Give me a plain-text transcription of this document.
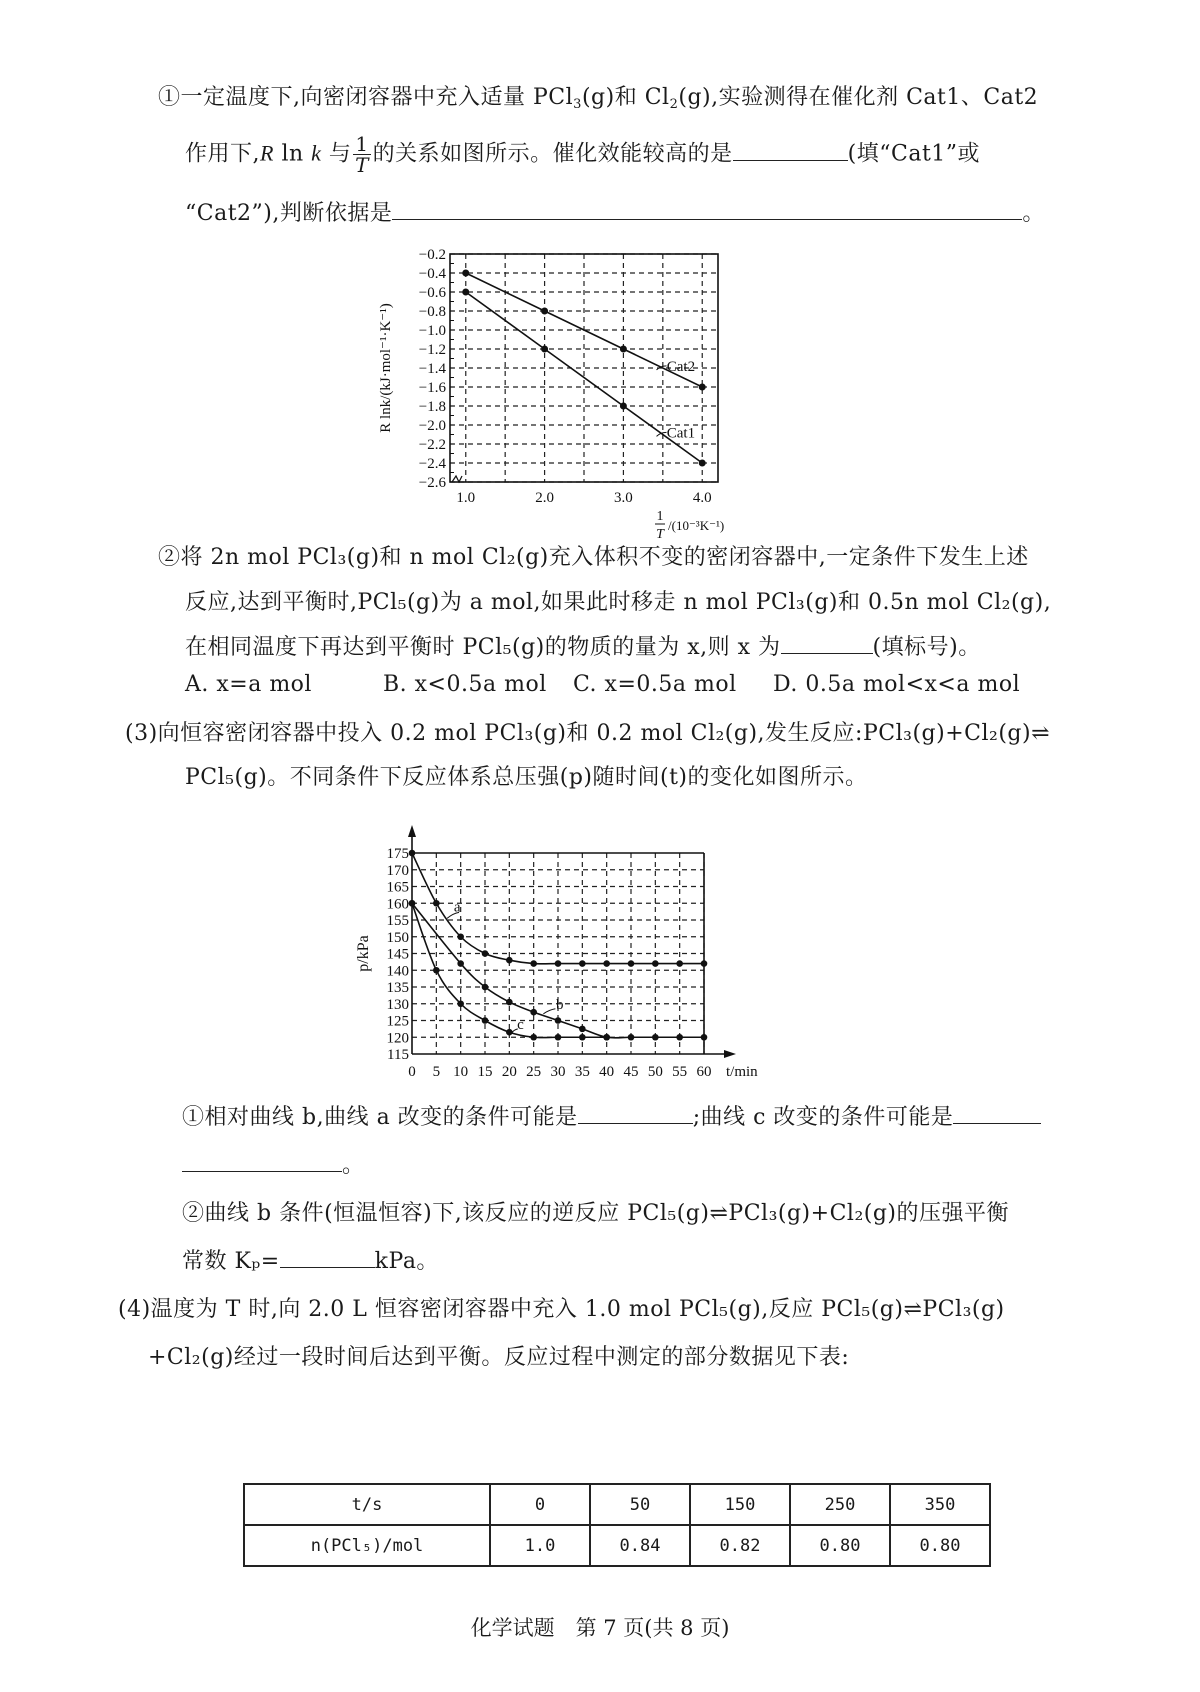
①一定温度下,向密闭容器中充入适量 PCl$_3$(g)和 $Cl_2(g)$,实验测得在催化剂 Cat1、Cat2
作用下,R ln k 与 $\frac{1}{T}$ 的关系如图所示。催化效能较高的是	(填“Cat1”或
“Cat2”),判断依据是	。
−0.2
−0.4
−0.6
−0.8
−1.0
−1.2
−1.4
−1.6
−1.8
−2.0
−2.2
−2.4
−2.6
1.0	2.0	3.0	4.0
R lnk/(kJ·mol⁻¹·K⁻¹)
1
T
/(10⁻³K⁻¹)
Cat2
Cat1
②将 2n mol PCl₃(g)和 n mol Cl₂(g)充入体积不变的密闭容器中,一定条件下发生上述
反应,达到平衡时,PCl₅(g)为 a mol,如果此时移走 n mol PCl₃(g)和 0.5n mol Cl₂(g),
在相同温度下再达到平衡时 PCl₅(g)的物质的量为 x,则 x 为	(填标号)。
A. x=a mol	B. x<0.5a mol C. x=0.5a mol D. 0.5a mol<x<a mol
(3)向恒容密闭容器中投入 0.2 mol PCl₃(g)和 0.2 mol Cl₂(g),发生反应:PCl₃(g)+Cl₂(g)⇌
PCl₅(g)。不同条件下反应体系总压强(p)随时间(t)的变化如图所示。
0 5 10 15 20 25 30 35 40 45 50 55 60
175
170
165
160
155
150
145
140
135
130
125
120
115
t/min
p/kPa
a
b
c
①相对曲线 b,曲线 a 改变的条件可能是	;曲线 c 改变的条件可能是
。
②曲线 b 条件(恒温恒容)下,该反应的逆反应 PCl₅(g)⇌PCl₃(g)+Cl₂(g)的压强平衡
常数 Kₚ=	kPa。
(4)温度为 T 时,向 2.0 L 恒容密闭容器中充入 1.0 mol PCl₅(g),反应 PCl₅(g)⇌PCl₃(g)
+Cl₂(g)经过一段时间后达到平衡。反应过程中测定的部分数据见下表:
t/s	0	50	150	250	350
n(PCl₅)/mol	1.0	0.84	0.82	0.80	0.80
化学试题　第 7 页(共 8 页)
